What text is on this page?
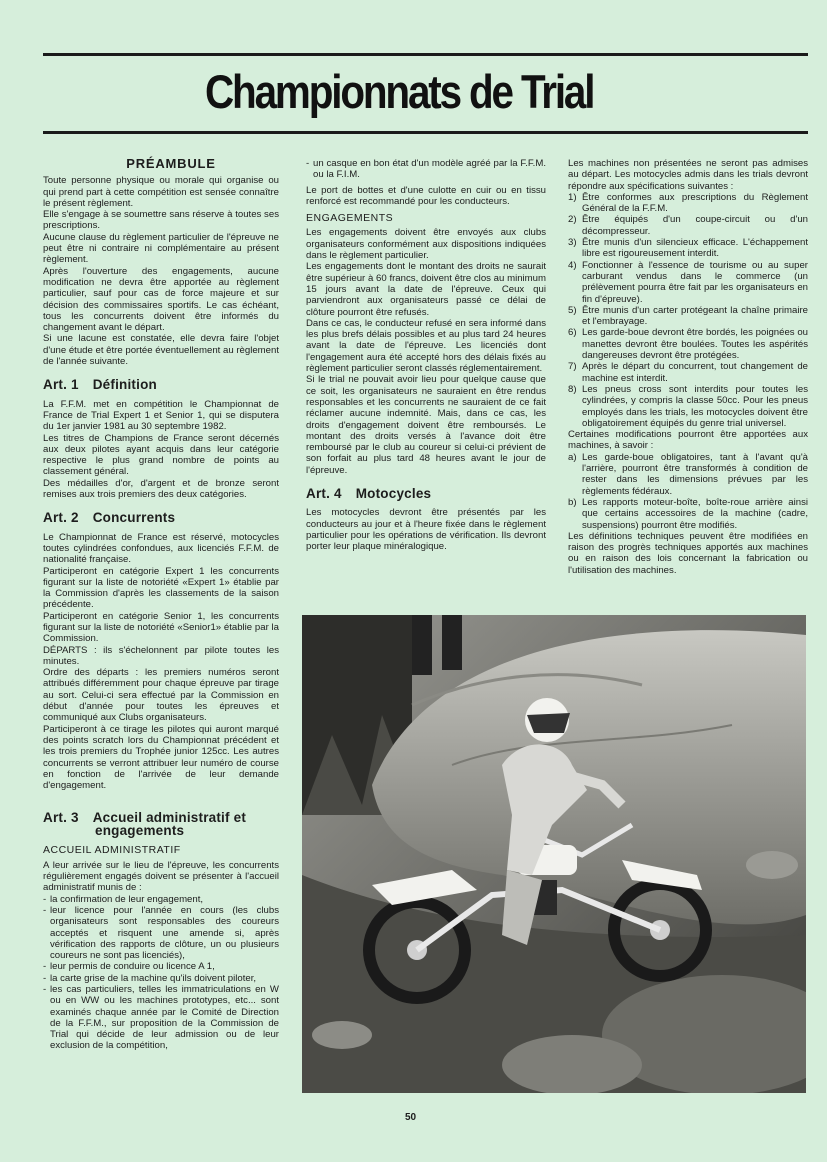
Championnats de Trial
PRÉAMBULE

Toute personne physique ou morale qui organise ou qui prend part à cette compétition est sensée connaître le présent règlement.

Elle s'engage à se soumettre sans réserve à toutes ses prescriptions.

Aucune clause du règlement particulier de l'épreuve ne peut être ni contraire ni complémentaire au présent règlement.

Après l'ouverture des engagements, aucune modification ne devra être apportée au règlement particulier, sauf pour cas de force majeure et sur décision des commissaires sportifs. Le cas échéant, tous les concurrents doivent être informés du changement avant le départ.

Si une lacune est constatée, elle devra faire l'objet d'une étude et être portée éventuellement au règlement de l'année suivante.

Art. 1 Définition

La F.F.M. met en compétition le Championnat de France de Trial Expert 1 et Senior 1, qui se disputera du 1er janvier 1981 au 30 septembre 1982.

Les titres de Champions de France seront décernés aux deux pilotes ayant acquis dans leur catégorie respective le plus grand nombre de points au classement général.

Des médailles d'or, d'argent et de bronze seront remises aux trois premiers des deux catégories.

Art. 2 Concurrents

Le Championnat de France est réservé, motocycles toutes cylindrées confondues, aux licenciés F.F.M. de nationalité française.

Participeront en catégorie Expert 1 les concurrents figurant sur la liste de notoriété «Expert 1» établie par la Commission d'après les classements de la saison précédente.

Participeront en catégorie Senior 1, les concurrents figurant sur la liste de notoriété «Senior1» établie par la Commission.

DÉPARTS : ils s'échelonnent par pilote toutes les minutes.

Ordre des départs : les premiers numéros seront attribués différemment pour chaque épreuve par tirage au sort. Celui-ci sera effectué par la Commission en début d'année pour toutes les épreuves et communiqué aux Clubs organisateurs.

Participeront à ce tirage les pilotes qui auront marqué des points scratch lors du Championnat précédent et les trois premiers du Trophée junior 125cc. Les autres concurrents se verront attribuer leur numéro de course en fonction de l'arrivée de leur demande d'engagement.

Art. 3 Accueil administratif et
engagements
ACCUEIL ADMINISTRATIF

A leur arrivée sur le lieu de l'épreuve, les concurrents régulièrement engagés doivent se présenter à l'accueil administratif munis de :

- la confirmation de leur engagement,
- leur licence pour l'année en cours (les clubs organisateurs sont responsables des coureurs acceptés et risquent une amende si, après vérification des rapports de clôture, un ou plusieurs coureurs ne sont pas licenciés),
- leur permis de conduire ou licence A 1,
- la carte grise de la machine qu'ils doivent piloter,
- les cas particuliers, telles les immatriculations en W ou en WW ou les machines prototypes, etc... sont examinés chaque année par le Comité de Direction de la F.F.M., sur proposition de la Commission de Trial qui décide de leur admission ou de leur exclusion de la compétition,
- un casque en bon état d'un modèle agréé par la F.F.M. ou la F.I.M.

Le port de bottes et d'une culotte en cuir ou en tissu renforcé est recommandé pour les conducteurs.

ENGAGEMENTS

Les engagements doivent être envoyés aux clubs organisateurs conformément aux dispositions indiquées dans le règlement particulier.

Les engagements dont le montant des droits ne saurait être supérieur à 60 francs, doivent être clos au minimum 15 jours avant la date de l'épreuve. Ceux qui parviendront aux organisateurs passé ce délai de clôture pourront être refusés.

Dans ce cas, le conducteur refusé en sera informé dans les plus brefs délais possibles et au plus tard 24 heures avant la date de l'épreuve. Les licenciés dont l'engagement aura été accepté hors des délais fixés au règlement particulier seront classés réglementairement.

Si le trial ne pouvait avoir lieu pour quelque cause que ce soit, les organisateurs ne sauraient en être rendus responsables et les concurrents ne sauraient de ce fait réclamer aucune indemnité. Mais, dans ce cas, les droits d'engagement doivent être remboursés. Le montant des droits versés à l'avance doit être remboursé par le club au coureur si celui-ci prévient de son forfait au plus tard 48 heures avant le jour de l'épreuve.

Art. 4 Motocycles

Les motocycles devront être présentés par les conducteurs au jour et à l'heure fixée dans le règlement particulier pour les opérations de vérification. Ils devront porter leur plaque minéralogique.

Les machines non présentées ne seront pas admises au départ. Les motocycles admis dans les trials devront répondre aux spécifications suivantes :

1) Être conformes aux prescriptions du Règlement Général de la F.F.M.
2) Être équipés d'un coupe-circuit ou d'un décompresseur.
3) Être munis d'un silencieux efficace. L'échappement libre est rigoureusement interdit.
4) Fonctionner à l'essence de tourisme ou au super carburant vendus dans le commerce (un prélèvement pourra être fait par les organisateurs en fin d'épreuve).
5) Être munis d'un carter protégeant la chaîne primaire et l'embrayage.
6) Les garde-boue devront être bordés, les poignées ou manettes devront être boulées. Toutes les aspérités dangereuses devront être protégées.
7) Après le départ du concurrent, tout changement de machine est interdit.
8) Les pneus cross sont interdits pour toutes les cylindrées, y compris la classe 50cc. Pour les pneus employés dans les trials, les motocycles doivent être obligatoirement équipés du genre trial universel.

Certaines modifications pourront être apportées aux machines, à savoir :

a) Les garde-boue obligatoires, tant à l'avant qu'à l'arrière, pourront être transformés à condition de rester dans les dimensions prévues par les règlements fédéraux.
b) Les rapports moteur-boîte, boîte-roue arrière ainsi que certains accessoires de la machine (cadre, suspensions) pourront être modifiés.

Les définitions techniques peuvent être modifiées en raison des progrès techniques apportés aux machines ou en raison des lois concernant la fabrication ou l'utilisation des machines.

50
